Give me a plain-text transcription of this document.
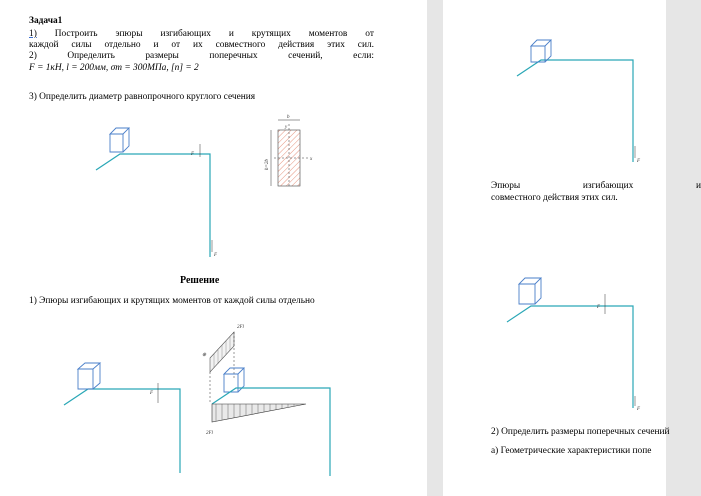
Задача1
1) Построить эпюры изгибающих и крутящих моментов от
каждой силы отдельно и от их совместного действия этих сил.
2)	Определить	размеры	поперечных	сечений,	если:
F = 1кН, l = 200мм, σт = 300МПа, [n] = 2
3) Определить диаметр равнопрочного круглого сечения
F
F
b
y
x
h=2b
Решение
1) Эпюры изгибающих и крутящих моментов от каждой силы отдельно
F
2Fl
⊕
2Fl
F
Эпюры	изгибающих	и
совместного действия этих сил.
F
F
2) Определить размеры поперечных сечений
а) Геометрические характеристики попе
